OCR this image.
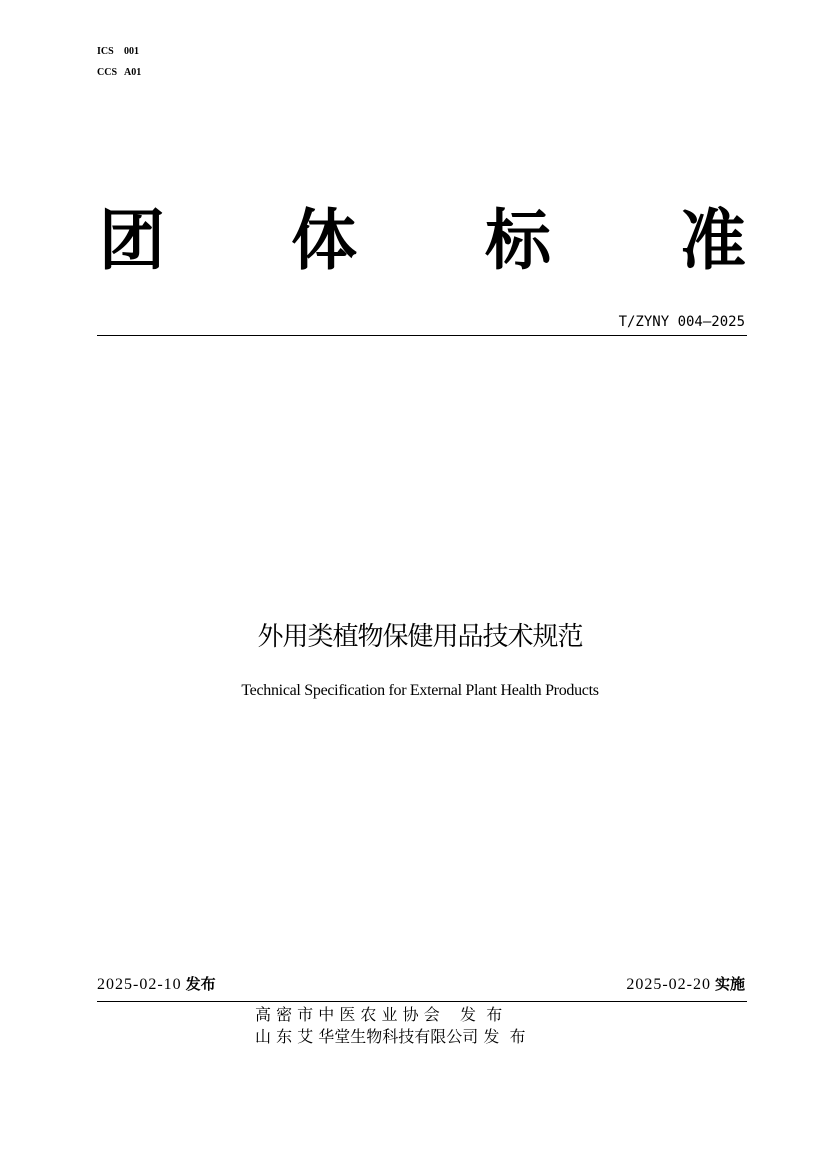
ICS 001
CCS A01
团 体 标 准
T/ZYNY 004—2025
外用类植物保健用品技术规范
Technical Specification for External Plant Health Products
2025-02-10 发布	2025-02-20 实施
高 密 市 中 医 农 业 协 会    发  布
山 东 艾 华堂生物科技有限公司 发  布
